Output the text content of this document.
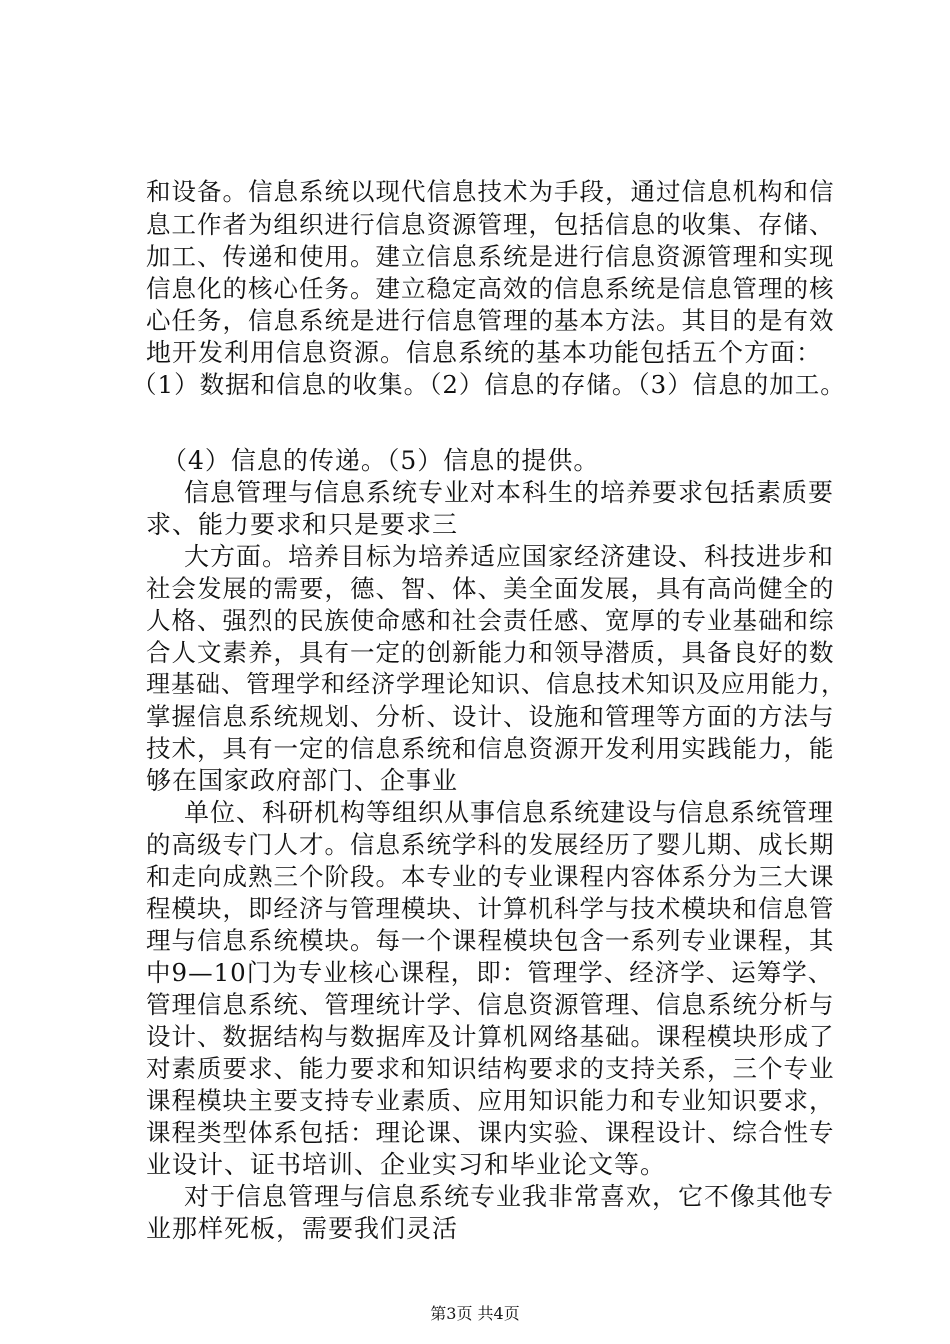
和设备。信息系统以现代信息技术为手段，通过信息机构和信
息工作者为组织进行信息资源管理，包括信息的收集、存储、
加工、传递和使用。建立信息系统是进行信息资源管理和实现
信息化的核心任务。建立稳定高效的信息系统是信息管理的核
心任务，信息系统是进行信息管理的基本方法。其目的是有效
地开发利用信息资源。信息系统的基本功能包括五个方面：
（1）数据和信息的收集。（2）信息的存储。（3）信息的加工。
（4）信息的传递。（5）信息的提供。
信息管理与信息系统专业对本科生的培养要求包括素质要
求、能力要求和只是要求三
大方面。培养目标为培养适应国家经济建设、科技进步和
社会发展的需要，德、智、体、美全面发展，具有高尚健全的
人格、强烈的民族使命感和社会责任感、宽厚的专业基础和综
合人文素养，具有一定的创新能力和领导潜质，具备良好的数
理基础、管理学和经济学理论知识、信息技术知识及应用能力，
掌握信息系统规划、分析、设计、设施和管理等方面的方法与
技术，具有一定的信息系统和信息资源开发利用实践能力，能
够在国家政府部门、企事业
单位、科研机构等组织从事信息系统建设与信息系统管理
的高级专门人才。信息系统学科的发展经历了婴儿期、成长期
和走向成熟三个阶段。本专业的专业课程内容体系分为三大课
程模块，即经济与管理模块、计算机科学与技术模块和信息管
理与信息系统模块。每一个课程模块包含一系列专业课程，其
中9—10门为专业核心课程，即：管理学、经济学、运筹学、
管理信息系统、管理统计学、信息资源管理、信息系统分析与
设计、数据结构与数据库及计算机网络基础。课程模块形成了
对素质要求、能力要求和知识结构要求的支持关系，三个专业
课程模块主要支持专业素质、应用知识能力和专业知识要求，
课程类型体系包括：理论课、课内实验、课程设计、综合性专
业设计、证书培训、企业实习和毕业论文等。
对于信息管理与信息系统专业我非常喜欢，它不像其他专
业那样死板，需要我们灵活
第3页 共4页
